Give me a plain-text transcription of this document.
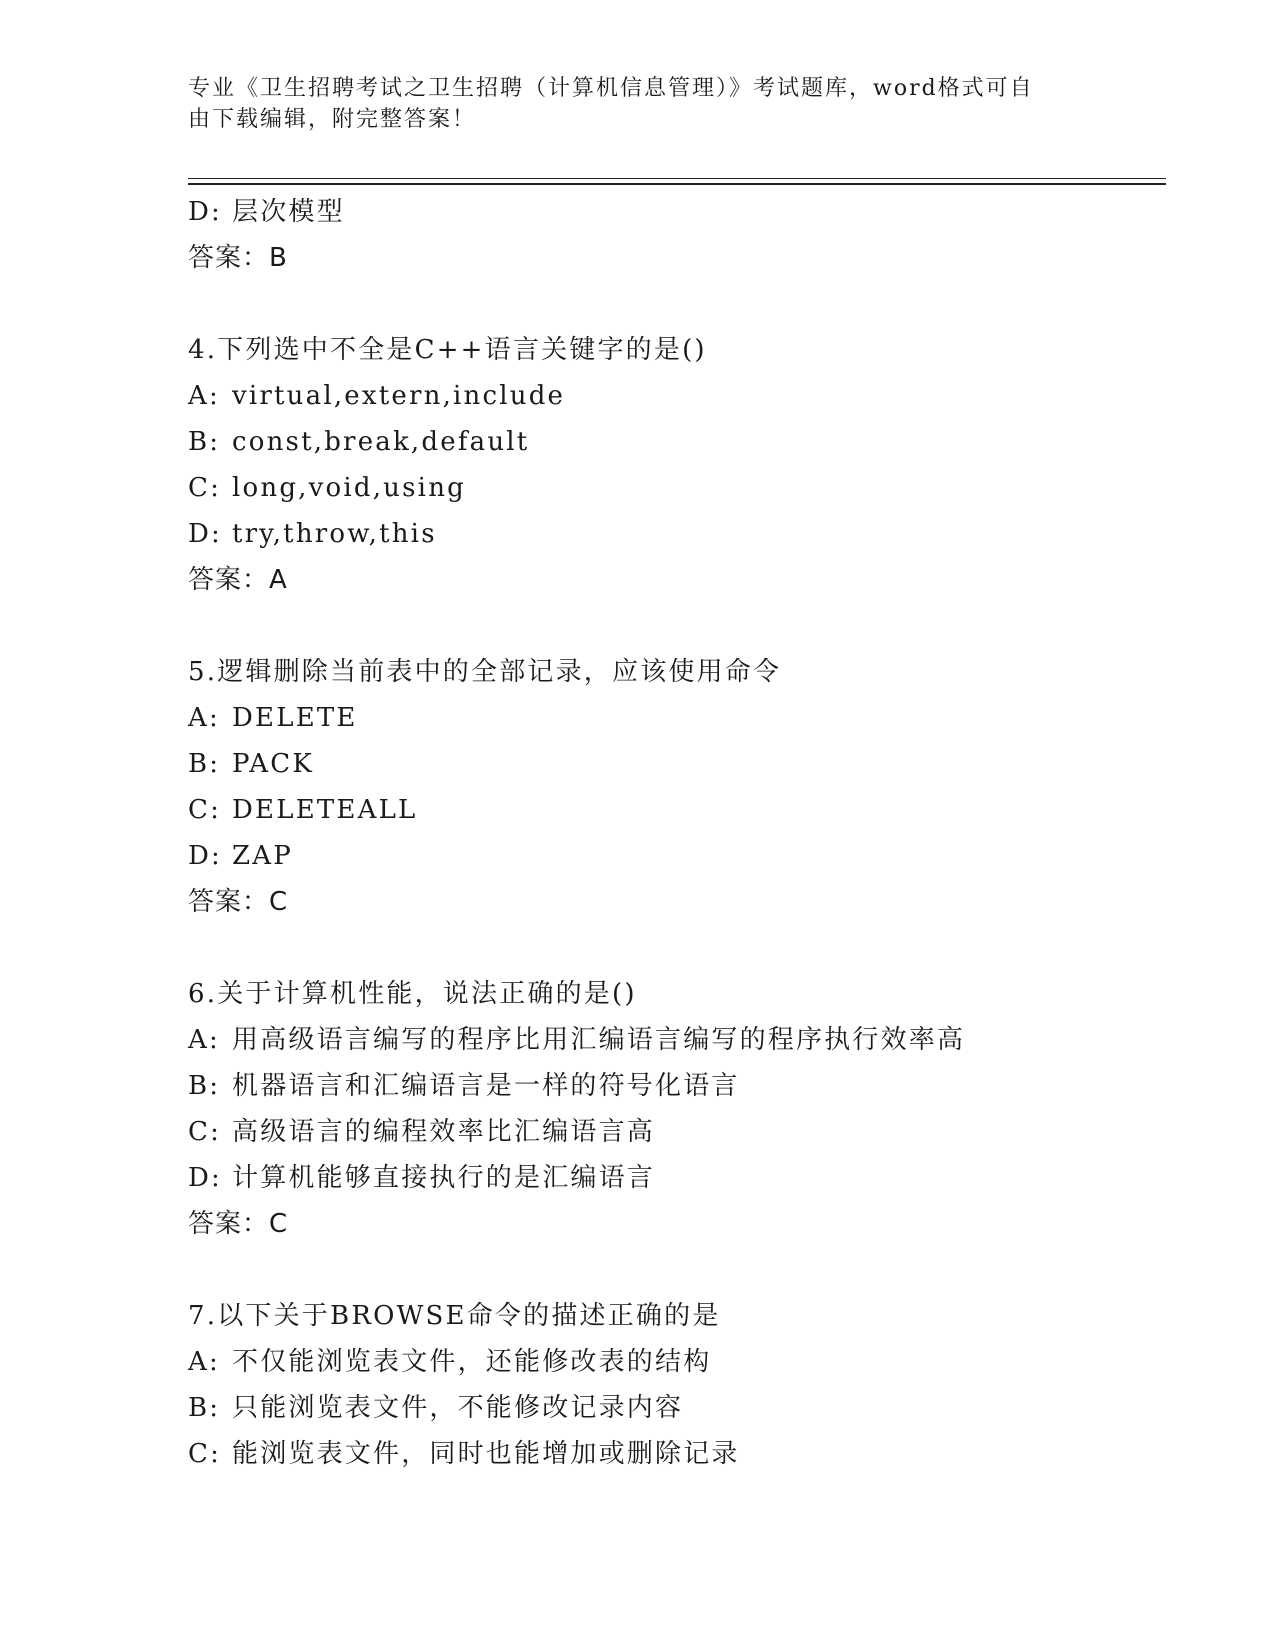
专业《卫生招聘考试之卫生招聘（计算机信息管理）》考试题库，word格式可自
由下载编辑，附完整答案！
D: 层次模型
答案：B
4.下列选中不全是C++语言关键字的是()
A: virtual,extern,include
B: const,break,default
C: long,void,using
D: try,throw,this
答案：A
5.逻辑删除当前表中的全部记录，应该使用命令
A: DELETE
B: PACK
C: DELETEALL
D: ZAP
答案：C
6.关于计算机性能，说法正确的是()
A: 用高级语言编写的程序比用汇编语言编写的程序执行效率高
B: 机器语言和汇编语言是一样的符号化语言
C: 高级语言的编程效率比汇编语言高
D: 计算机能够直接执行的是汇编语言
答案：C
7.以下关于BROWSE命令的描述正确的是
A: 不仅能浏览表文件，还能修改表的结构
B: 只能浏览表文件，不能修改记录内容
C: 能浏览表文件，同时也能增加或删除记录
